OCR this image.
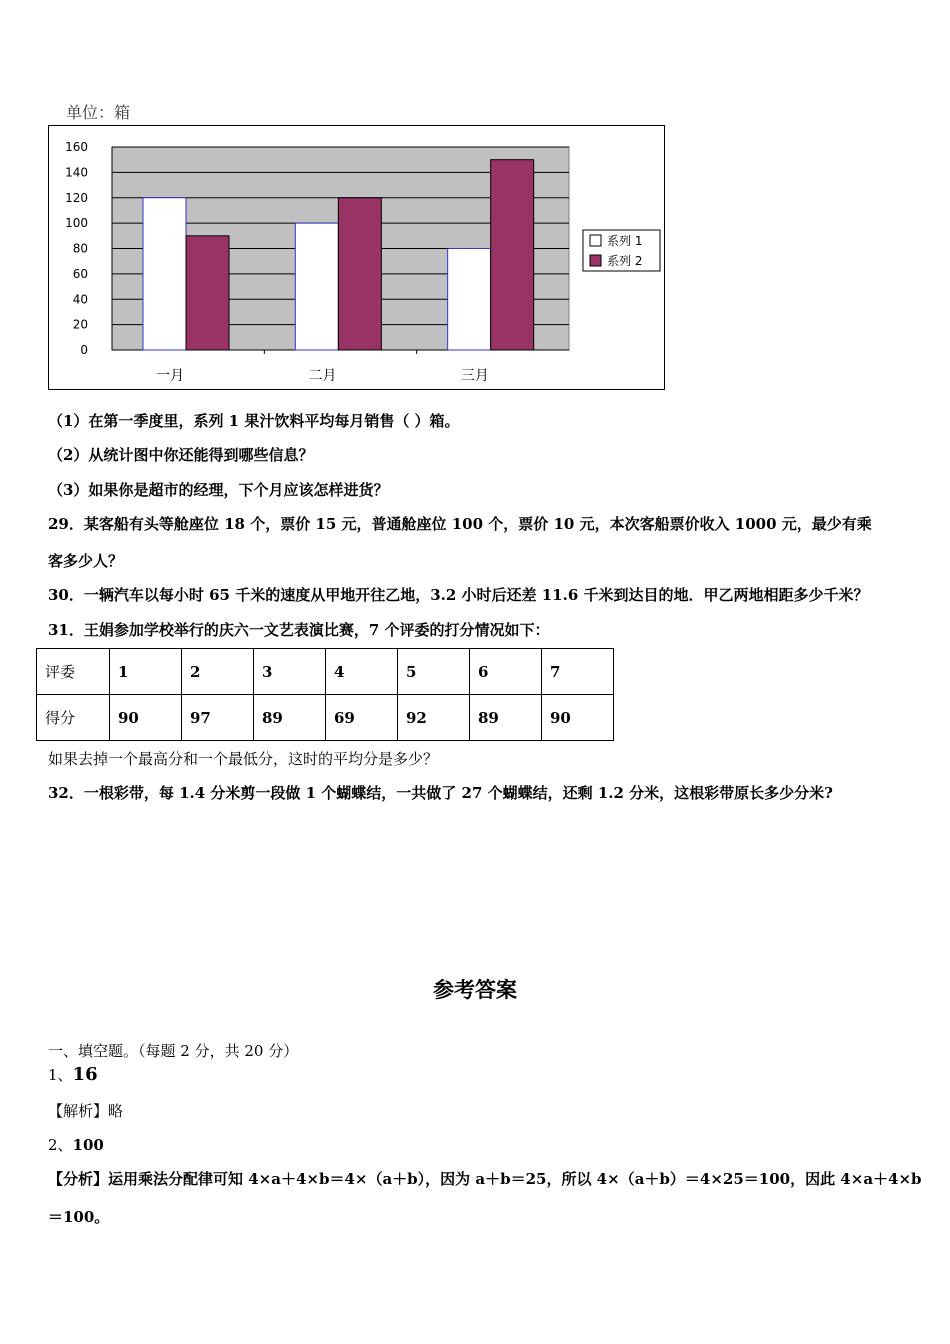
单位：箱
0
20
40
60
80
100
120
140
160
一月	二月	三月
系列 1
系列 2
（1）在第一季度里，系列 1 果汁饮料平均每月销售（ ）箱。
（2）从统计图中你还能得到哪些信息？
（3）如果你是超市的经理，下个月应该怎样进货？
29．某客船有头等舱座位 18 个，票价 15 元，普通舱座位 100 个，票价 10 元，本次客船票价收入 1000 元，最少有乘
客多少人？
30．一辆汽车以每小时 65 千米的速度从甲地开往乙地，3.2 小时后还差 11.6 千米到达目的地．甲乙两地相距多少千米？
31．王娟参加学校举行的庆六一文艺表演比赛，7 个评委的打分情况如下：
评委	1	2	3	4	5	6	7
得分	90	97	89	69	92	89	90
如果去掉一个最高分和一个最低分，这时的平均分是多少？
32．一根彩带，每 1.4 分米剪一段做 1 个蝴蝶结，一共做了 27 个蝴蝶结，还剩 1.2 分米，这根彩带原长多少分米?
参考答案
一、填空题。（每题 2 分，共 20 分）
1、16
【解析】略
2、100
【分析】运用乘法分配律可知 4×a＋4×b＝4×（a＋b），因为 a＋b＝25，所以 4×（a＋b）＝4×25＝100，因此 4×a＋4×b
＝100。
